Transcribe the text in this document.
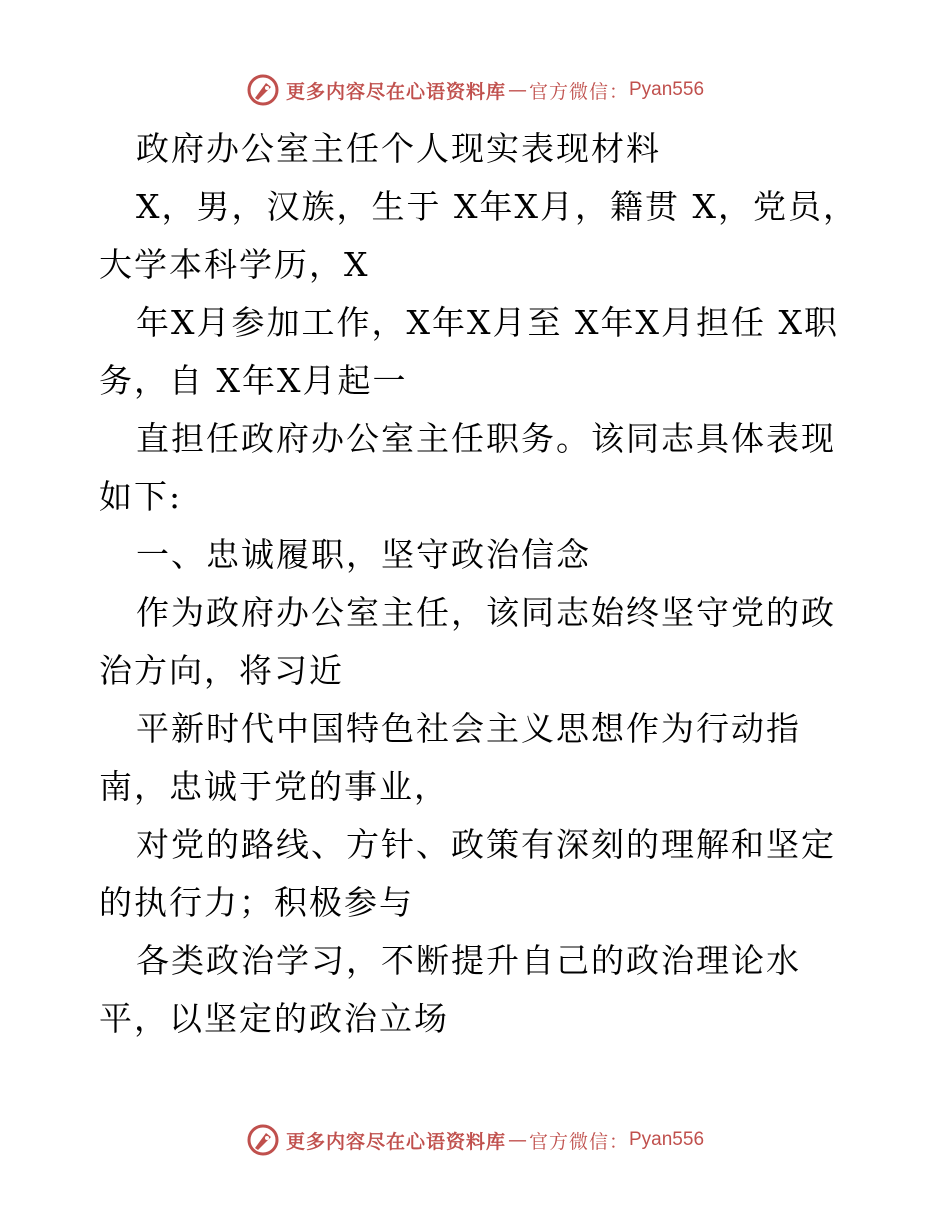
更多内容尽在心语资料库 — 官方微信： Pyan556

政府办公室主任个人现实表现材料

X，男，汉族，生于 X年X月，籍贯 X，党员，大学本科学历，X

年X月参加工作，X年X月至 X年X月担任 X职务，自 X年X月起一

直担任政府办公室主任职务。该同志具体表现如下:

一、忠诚履职，坚守政治信念

作为政府办公室主任，该同志始终坚守党的政治方向，将习近

平新时代中国特色社会主义思想作为行动指南，忠诚于党的事业，

对党的路线、方针、政策有深刻的理解和坚定的执行力；积极参与

各类政治学习，不断提升自己的政治理论水平，以坚定的政治立场

更多内容尽在心语资料库 — 官方微信： Pyan556
